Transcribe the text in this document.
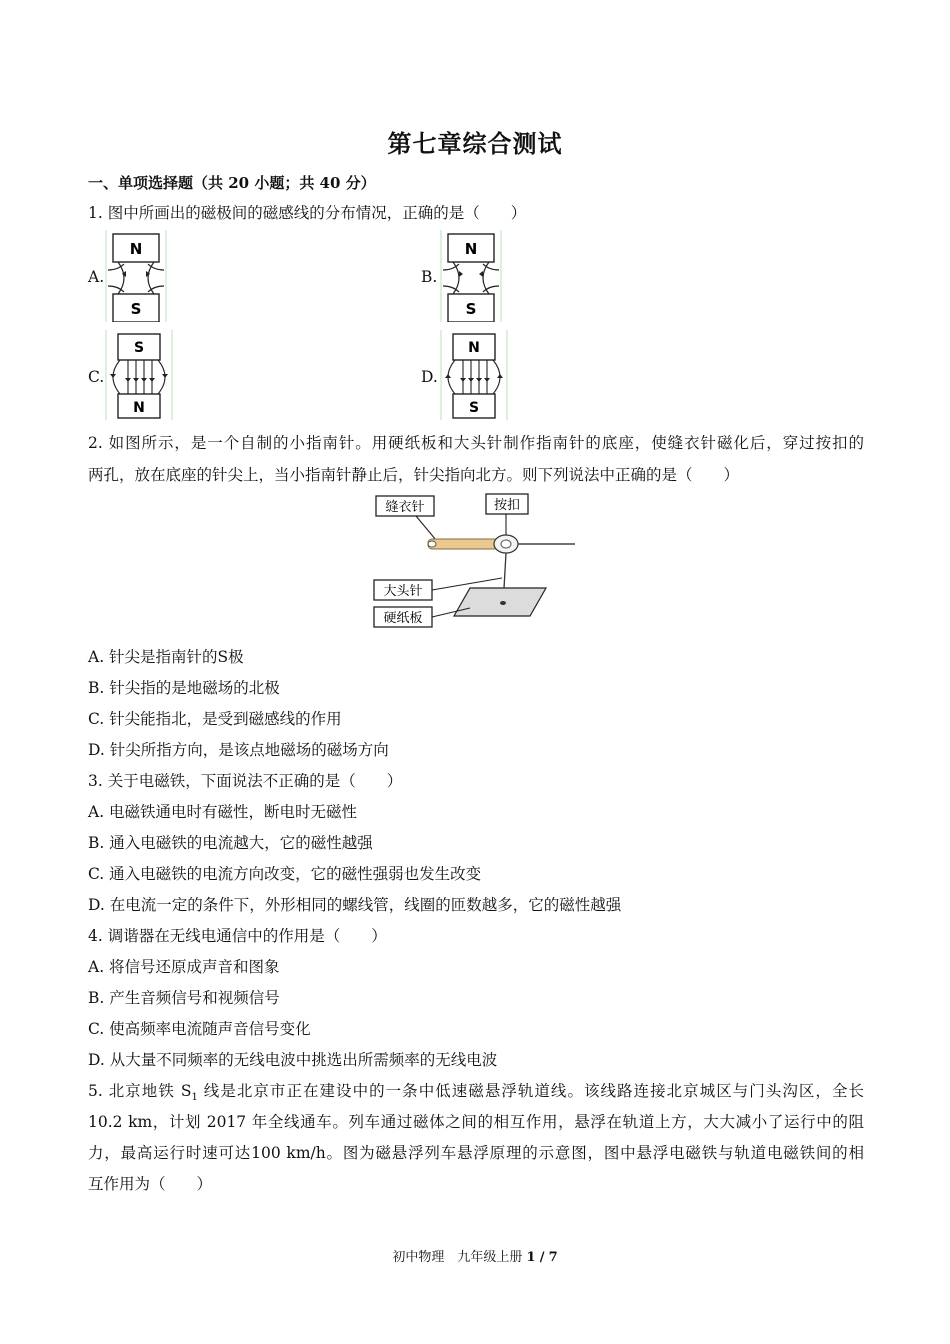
第七章综合测试
一、单项选择题（共 20 小题；共 40 分）
1. 图中所画出的磁极间的磁感线的分布情况，正确的是（　　）
A.
N
S
B.
N
S
C.
S
N
D.
N
S
2. 如图所示，是一个自制的小指南针。用硬纸板和大头针制作指南针的底座，使缝衣针磁化后，穿过按扣的
两孔，放在底座的针尖上，当小指南针静止后，针尖指向北方。则下列说法中正确的是（　　）
缝衣针	按扣
大头针
硬纸板
A. 针尖是指南针的S极
B. 针尖指的是地磁场的北极
C. 针尖能指北，是受到磁感线的作用
D. 针尖所指方向，是该点地磁场的磁场方向
3. 关于电磁铁，下面说法不正确的是（　　）
A. 电磁铁通电时有磁性，断电时无磁性
B. 通入电磁铁的电流越大，它的磁性越强
C. 通入电磁铁的电流方向改变，它的磁性强弱也发生改变
D. 在电流一定的条件下，外形相同的螺线管，线圈的匝数越多，它的磁性越强
4. 调谐器在无线电通信中的作用是（　　）
A. 将信号还原成声音和图象
B. 产生音频信号和视频信号
C. 使高频率电流随声音信号变化
D. 从大量不同频率的无线电波中挑选出所需频率的无线电波
5. 北京地铁 $S_1$ 线是北京市正在建设中的一条中低速磁悬浮轨道线。该线路连接北京城区与门头沟区，全长
10.2 km，计划 2017 年全线通车。列车通过磁体之间的相互作用，悬浮在轨道上方，大大减小了运行中的阻
力，最高运行时速可达100 km/h。图为磁悬浮列车悬浮原理的示意图，图中悬浮电磁铁与轨道电磁铁间的相
互作用为（　　）
初中物理　九年级上册 1 / 7
